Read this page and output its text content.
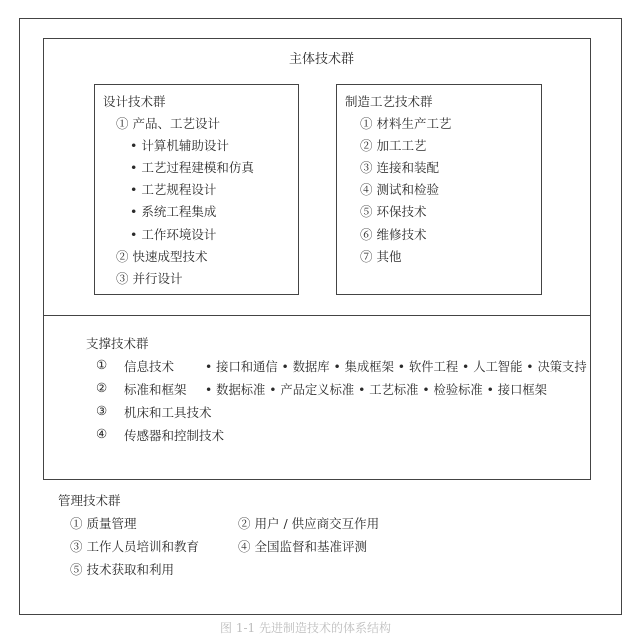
主体技术群
设计技术群
① 产品、工艺设计
• 计算机辅助设计
• 工艺过程建模和仿真
• 工艺规程设计
• 系统工程集成
• 工作环境设计
② 快速成型技术
③ 并行设计
制造工艺技术群
① 材料生产工艺
② 加工工艺
③ 连接和装配
④ 测试和检验
⑤ 环保技术
⑥ 维修技术
⑦ 其他
支撑技术群
① 信息技术	• 接口和通信 • 数据库 • 集成框架 • 软件工程 • 人工智能 • 决策支持
② 标准和框架 • 数据标准 • 产品定义标准 • 工艺标准 • 检验标准 • 接口框架
③ 机床和工具技术
④ 传感器和控制技术
管理技术群
① 质量管理	② 用户 / 供应商交互作用
③ 工作人员培训和教育	④ 全国监督和基准评测
⑤ 技术获取和利用
图 1-1 先进制造技术的体系结构
